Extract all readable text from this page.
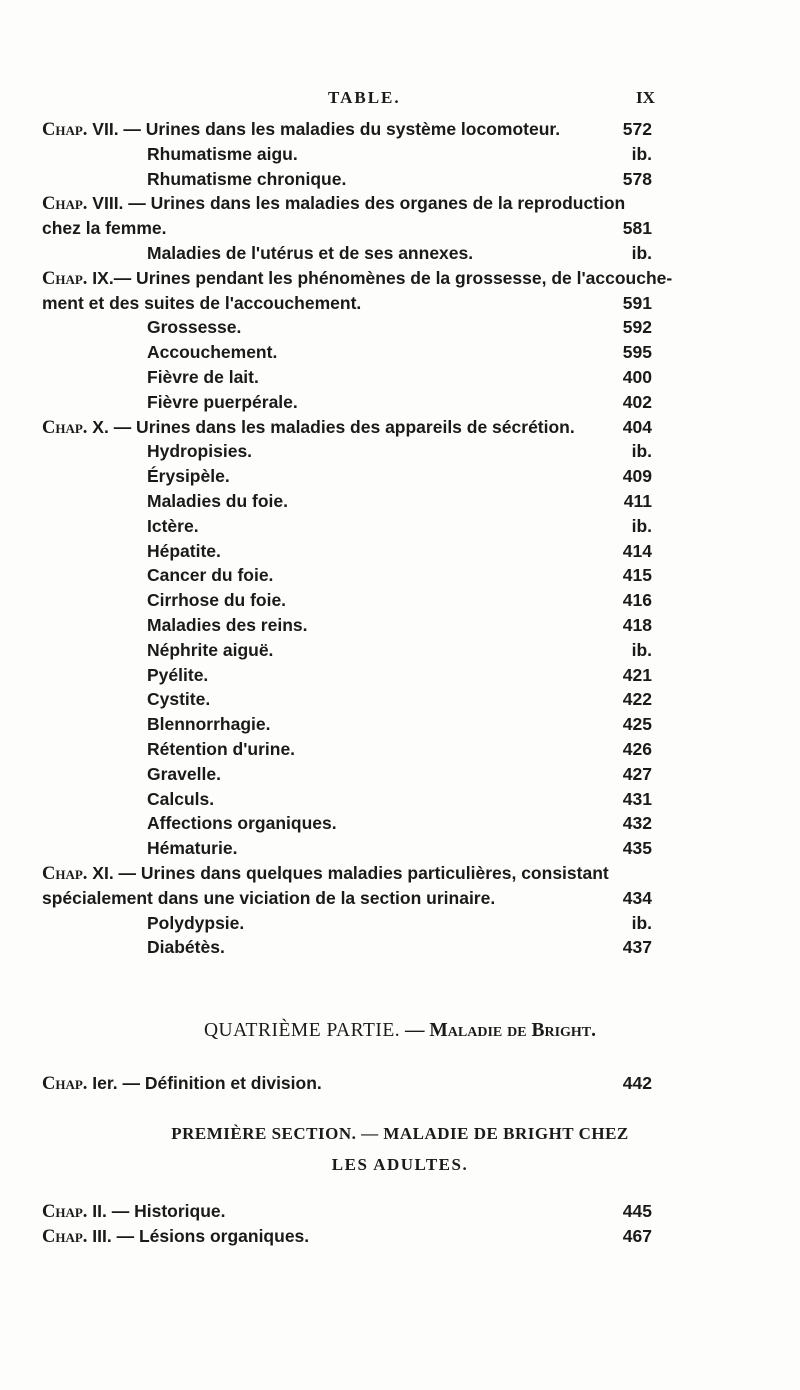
TABLE.	IX
Chap. VII. — Urines dans les maladies du système locomoteur.	572
Rhumatisme aigu.	ib.
Rhumatisme chronique.	578
Chap. VIII. — Urines dans les maladies des organes de la reproduction
chez la femme.	581
Maladies de l'utérus et de ses annexes.	ib.
Chap. IX.— Urines pendant les phénomènes de la grossesse, de l'accouche-
ment et des suites de l'accouchement.	591
Grossesse.	592
Accouchement.	595
Fièvre de lait.	400
Fièvre puerpérale.	402
Chap. X. — Urines dans les maladies des appareils de sécrétion.	404
Hydropisies.	ib.
Érysipèle.	409
Maladies du foie.	411
Ictère.	ib.
Hépatite.	414
Cancer du foie.	415
Cirrhose du foie.	416
Maladies des reins.	418
Néphrite aiguë.	ib.
Pyélite.	421
Cystite.	422
Blennorrhagie.	425
Rétention d'urine.	426
Gravelle.	427
Calculs.	431
Affections organiques.	432
Hématurie.	435
Chap. XI. — Urines dans quelques maladies particulières, consistant
spécialement dans une viciation de la section urinaire.	434
Polydypsie.	ib.
Diabétès.	437
QUATRIÈME PARTIE. — Maladie de Bright.
Chap. Ier. — Définition et division.	442
PREMIÈRE SECTION. — MALADIE DE BRIGHT CHEZ
LES ADULTES.
Chap. II. — Historique.	445
Chap. III. — Lésions organiques.	467
